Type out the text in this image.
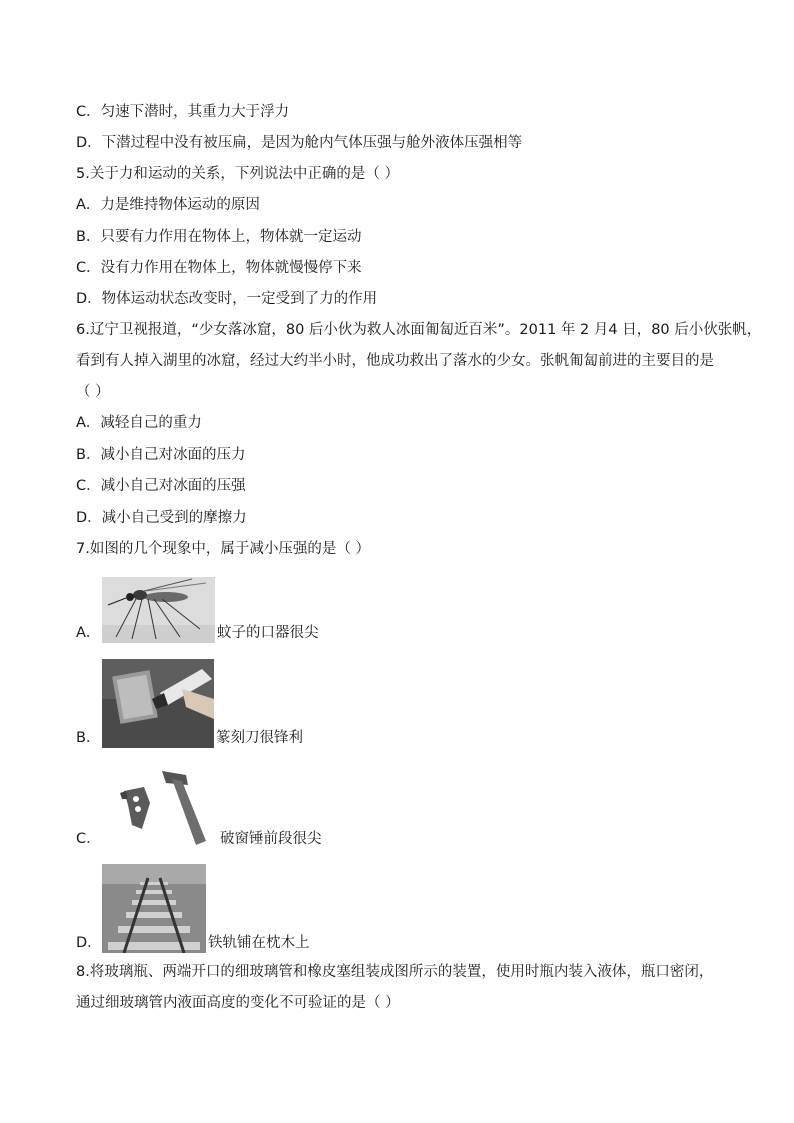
C．匀速下潜时，其重力大于浮力
D．下潜过程中没有被压扁，是因为舱内气体压强与舱外液体压强相等
5.关于力和运动的关系，下列说法中正确的是（ ）
A．力是维持物体运动的原因
B．只要有力作用在物体上，物体就一定运动
C．没有力作用在物体上，物体就慢慢停下来
D．物体运动状态改变时，一定受到了力的作用
6.辽宁卫视报道，“少女落冰窟，80 后小伙为救人冰面匍匐近百米”。2011 年 2 月4 日，80 后小伙张帆，
看到有人掉入湖里的冰窟，经过大约半小时，他成功救出了落水的少女。张帆匍匐前进的主要目的是
（ ）
A．减轻自己的重力
B．减小自己对冰面的压力
C．减小自己对冰面的压强
D．减小自己受到的摩擦力
7.如图的几个现象中，属于减小压强的是（ ）
A．	蚊子的口器很尖
B．	篆刻刀很锋利
C．	破窗锤前段很尖
D．	铁轨铺在枕木上
8.将玻璃瓶、两端开口的细玻璃管和橡皮塞组装成图所示的装置，使用时瓶内装入液体，瓶口密闭，
通过细玻璃管内液面高度的变化不可验证的是（ ）
